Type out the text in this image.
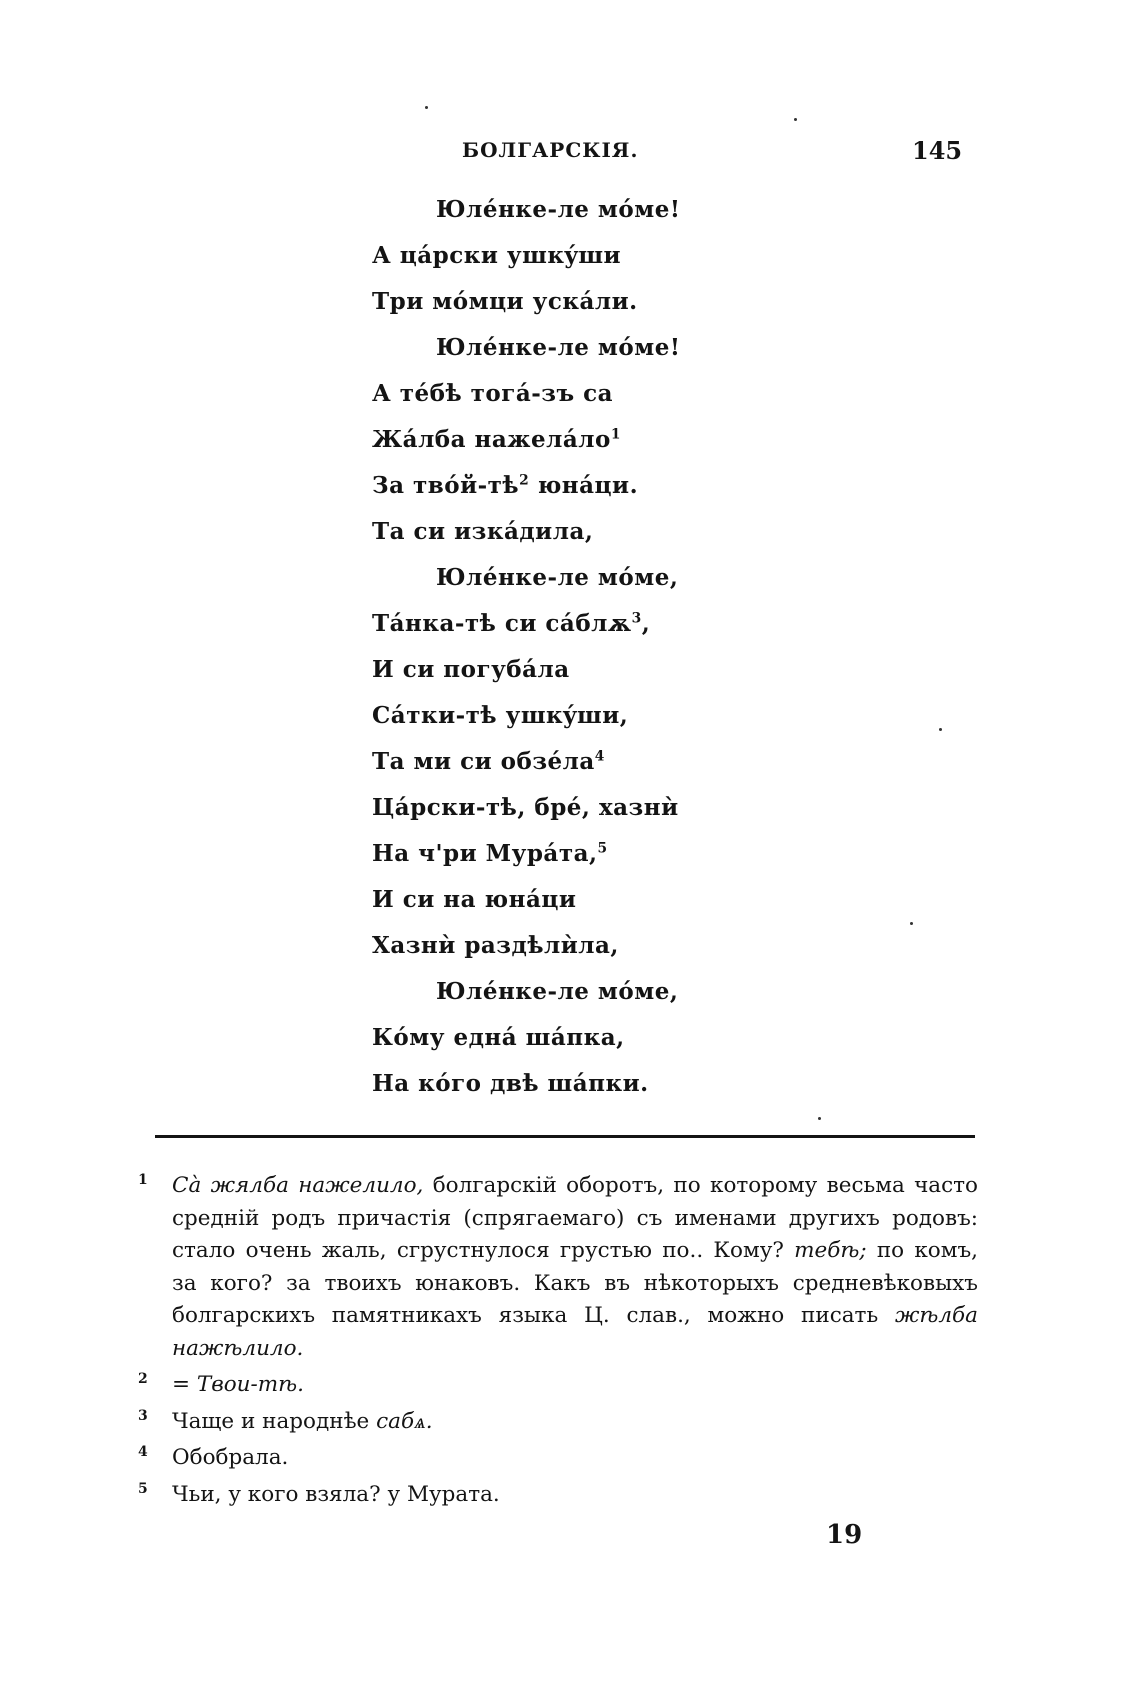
БОЛГАРСКІЯ.	145
Юлéнке-ле мóме!
А цáрски ушкýши
Три мóмци ускáли.
Юлéнке-ле мóме!
А тéбѣ тогá-зъ са
Жáлба нажелáло$^1$
За твóй-$тѣ^2$ юнáци.
Та си изкáдила,
Юлéнке-ле мóме,
Тáнка-тѣ си сáблѫ$^3$,
И си погубáла
Сáтки-тѣ ушкýши,
Та ми си обзéла$^4$
Цáрски-тѣ, бре́, хазнѝ
На ч'ри Мурáта,$^5$
И си на юнáци
Хазнѝ раздѣлѝла,
Юлéнке-ле мóме,
Кóму една́ шáпка,
На кóго двѣ шáпки.
1 Cà жялба нажелило, болгарскій оборотъ, по которому весьма часто средній родъ причастія (спрягаемаго) съ именами другихъ родовъ: стало очень жаль, сгрустнулося грустью по.. Кому? тебѣ; по комъ, за кого? за твоихъ юнаковъ. Какъ въ нѣкоторыхъ средневѣковыхъ болгарскихъ памятникахъ языка Ц. слав., можно писать жѣлба нажѣлило.
2 = Твои-тѣ.
3 Чаще и народнѣе сабѧ.
4 Обобрала.
5 Чьи, у кого взяла? у Мурата.
19
